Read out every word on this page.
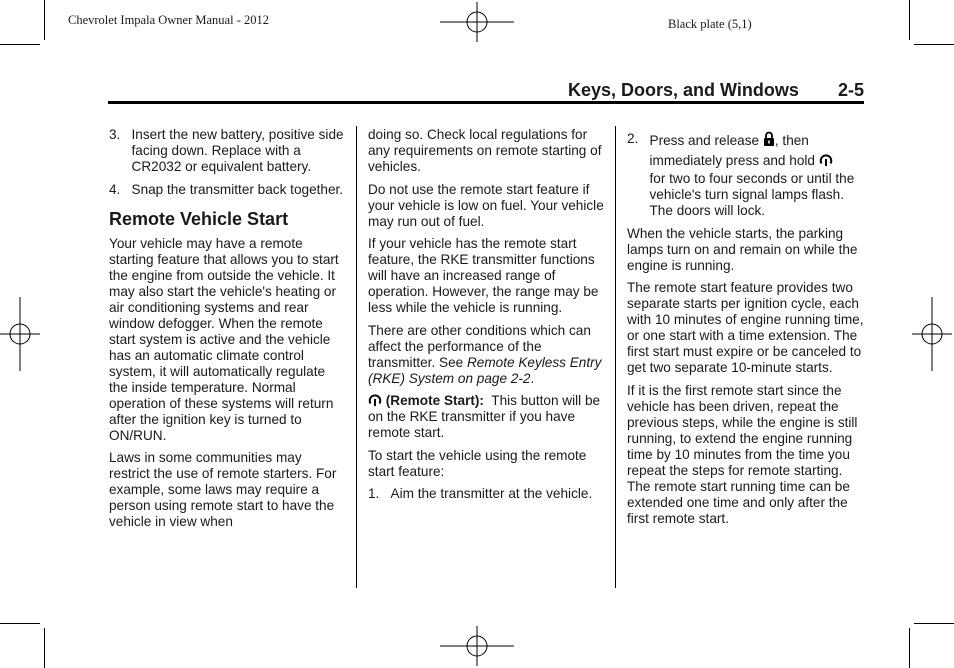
Chevrolet Impala Owner Manual - 2012	Black plate (5,1)
Keys, Doors, and Windows 2-5
3. Insert the new battery, positive side facing down. Replace with a CR2032 or equivalent battery.
4. Snap the transmitter back together.
Remote Vehicle Start

Your vehicle may have a remote starting feature that allows you to start the engine from outside the vehicle. It may also start the vehicle's heating or air conditioning systems and rear window defogger. When the remote start system is active and the vehicle has an automatic climate control system, it will automatically regulate the inside temperature. Normal operation of these systems will return after the ignition key is turned to ON/RUN.

Laws in some communities may restrict the use of remote starters. For example, some laws may require a person using remote start to have the vehicle in view when

doing so. Check local regulations for any requirements on remote starting of vehicles.

Do not use the remote start feature if your vehicle is low on fuel. Your vehicle may run out of fuel.

If your vehicle has the remote start feature, the RKE transmitter functions will have an increased range of operation. However, the range may be less while the vehicle is running.

There are other conditions which can affect the performance of the transmitter. See Remote Keyless Entry (RKE) System on page 2-2.

(Remote Start): This button will be on the RKE transmitter if you have remote start.

To start the vehicle using the remote start feature:

1. Aim the transmitter at the vehicle.
2. Press and release , then
immediately press and hold
for two to four seconds or until the vehicle's turn signal lamps flash. The doors will lock.

When the vehicle starts, the parking lamps turn on and remain on while the engine is running.

The remote start feature provides two separate starts per ignition cycle, each with 10 minutes of engine running time, or one start with a time extension. The first start must expire or be canceled to get two separate 10-minute starts.

If it is the first remote start since the vehicle has been driven, repeat the previous steps, while the engine is still running, to extend the engine running time by 10 minutes from the time you repeat the steps for remote starting. The remote start running time can be extended one time and only after the first remote start.
